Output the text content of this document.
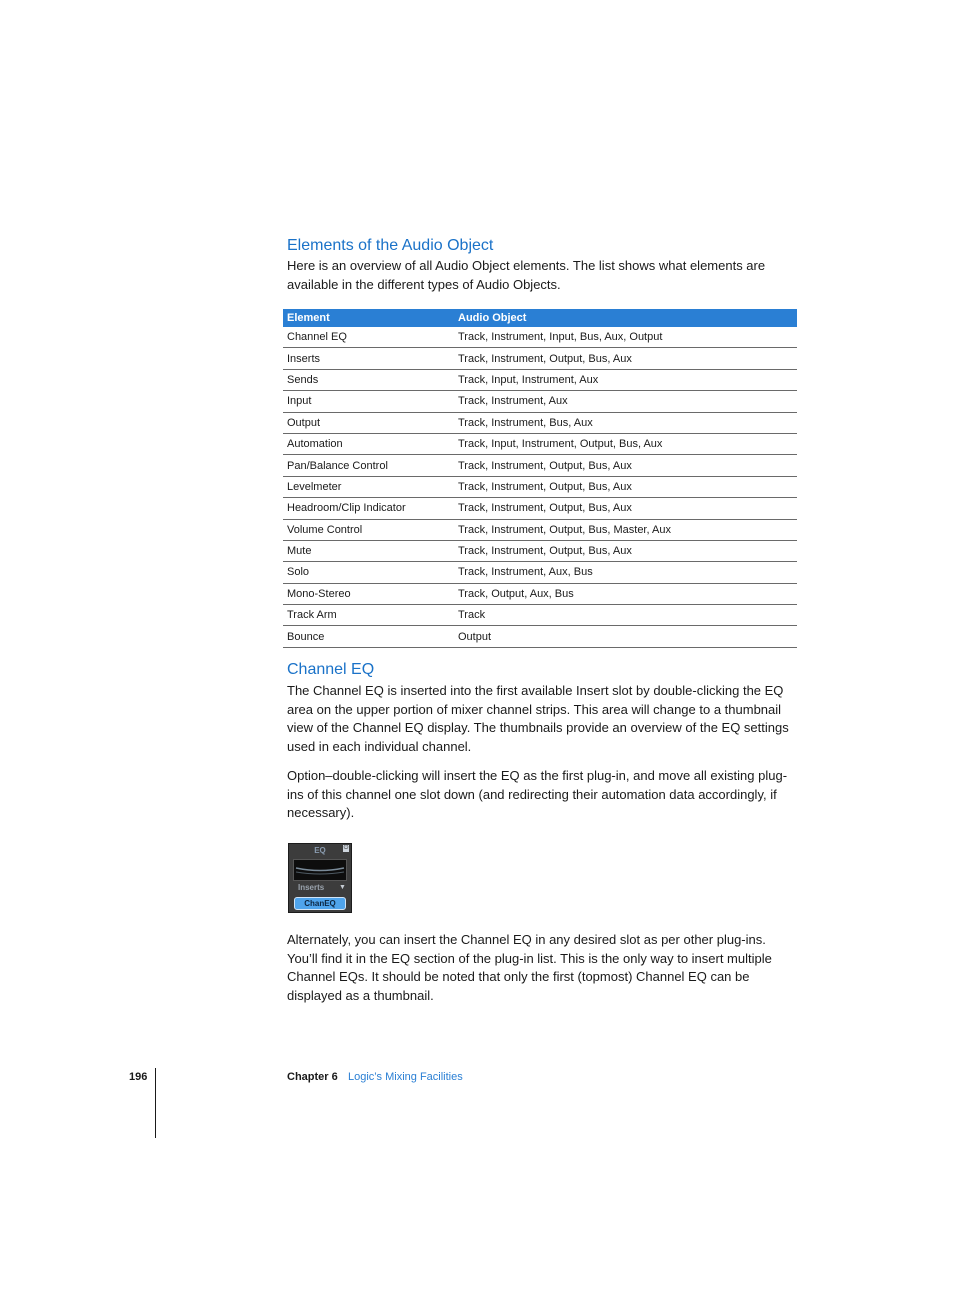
Elements of the Audio Object

Here is an overview of all Audio Object elements. The list shows what elements are available in the different types of Audio Objects.

Element	Audio Object
Channel EQ	Track, Instrument, Input, Bus, Aux, Output
Inserts	Track, Instrument, Output, Bus, Aux
Sends	Track, Input, Instrument, Aux
Input	Track, Instrument, Aux
Output	Track, Instrument, Bus, Aux
Automation	Track, Input, Instrument, Output, Bus, Aux
Pan/Balance Control	Track, Instrument, Output, Bus, Aux
Levelmeter	Track, Instrument, Output, Bus, Aux
Headroom/Clip Indicator	Track, Instrument, Output, Bus, Aux
Volume Control	Track, Instrument, Output, Bus, Master, Aux
Mute	Track, Instrument, Output, Bus, Aux
Solo	Track, Instrument, Aux, Bus
Mono-Stereo	Track, Output, Aux, Bus
Track Arm	Track
Bounce	Output
Channel EQ

The Channel EQ is inserted into the first available Insert slot by double-clicking the EQ area on the upper portion of mixer channel strips. This area will change to a thumbnail view of the Channel EQ display. The thumbnails provide an overview of the EQ settings used in each individual channel.

Option–double-clicking will insert the EQ as the first plug-in, and move all existing plug-ins of this channel one slot down (and redirecting their automation data accordingly, if necessary).

EQ	⏻
Inserts ▼
ChanEQ

Alternately, you can insert the Channel EQ in any desired slot as per other plug-ins. You’ll find it in the EQ section of the plug-in list. This is the only way to insert multiple Channel EQs. It should be noted that only the first (topmost) Channel EQ can be displayed as a thumbnail.

196	Chapter 6 Logic’s Mixing Facilities
